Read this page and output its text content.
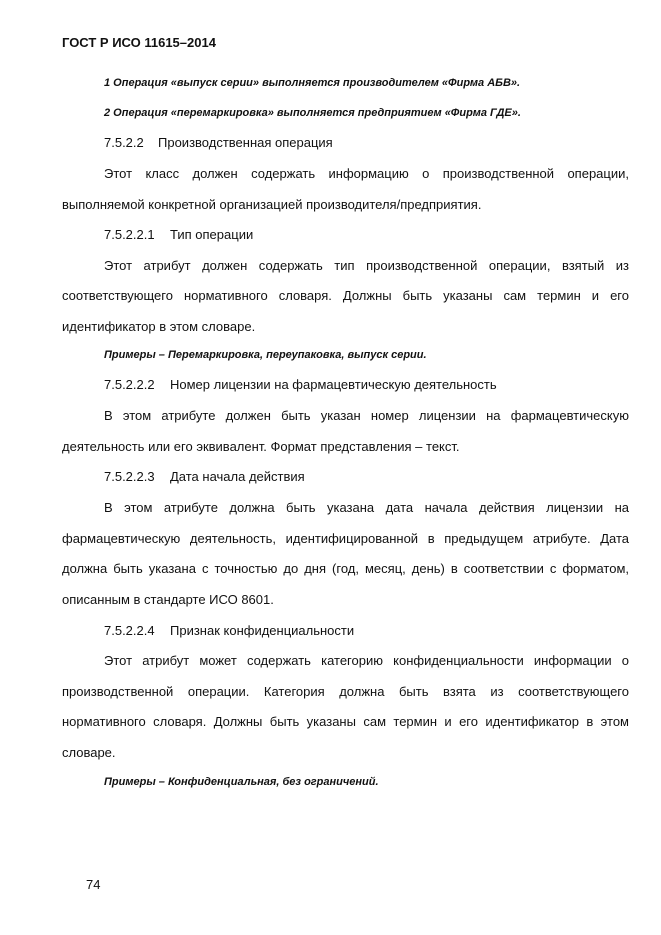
ГОСТ Р ИСО 11615–2014
1 Операция «выпуск серии» выполняется производителем «Фирма АБВ».
2 Операция «перемаркировка» выполняется предприятием «Фирма ГДЕ».
7.5.2.2 Производственная операция
Этот класс должен содержать информацию о производственной операции,
выполняемой конкретной организацией производителя/предприятия.
7.5.2.2.1 Тип операции
Этот атрибут должен содержать тип производственной операции, взятый из
соответствующего нормативного словаря. Должны быть указаны сам термин и его
идентификатор в этом словаре.
Примеры – Перемаркировка, переупаковка, выпуск серии.
7.5.2.2.2 Номер лицензии на фармацевтическую деятельность
В этом атрибуте должен быть указан номер лицензии на фармацевтическую
деятельность или его эквивалент. Формат представления – текст.
7.5.2.2.3 Дата начала действия
В этом атрибуте должна быть указана дата начала действия лицензии на
фармацевтическую деятельность, идентифицированной в предыдущем атрибуте. Дата
должна быть указана с точностью до дня (год, месяц, день) в соответствии с форматом,
описанным в стандарте ИСО 8601.
7.5.2.2.4 Признак конфиденциальности
Этот атрибут может содержать категорию конфиденциальности информации о
производственной операции. Категория должна быть взята из соответствующего
нормативного словаря. Должны быть указаны сам термин и его идентификатор в этом
словаре.
Примеры – Конфиденциальная, без ограничений.
74
